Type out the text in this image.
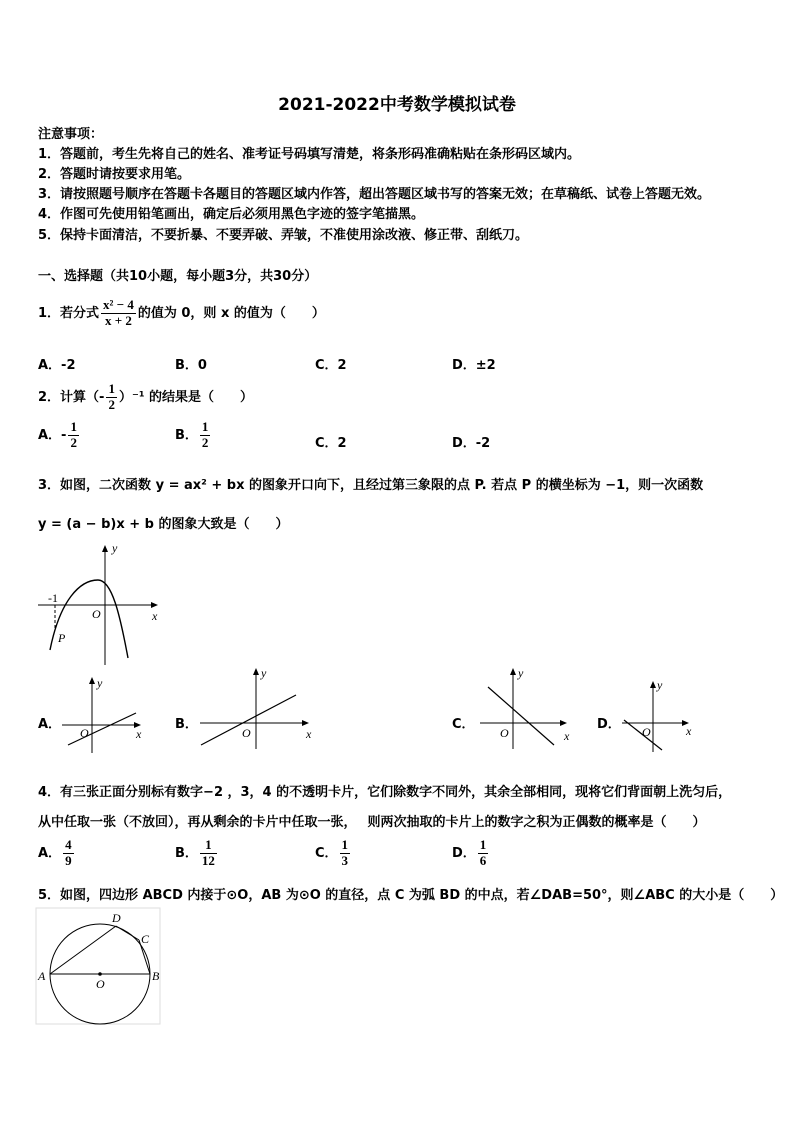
2021-2022中考数学模拟试卷
注意事项：
1．答题前，考生先将自己的姓名、准考证号码填写清楚，将条形码准确粘贴在条形码区域内。
2．答题时请按要求用笔。
3．请按照题号顺序在答题卡各题目的答题区域内作答，超出答题区域书写的答案无效；在草稿纸、试卷上答题无效。
4．作图可先使用铅笔画出，确定后必须用黑色字迹的签字笔描黑。
5．保持卡面清洁，不要折暴、不要弄破、弄皱，不准使用涂改液、修正带、刮纸刀。
一、选择题（共10小题，每小题3分，共30分）
1．若分式 $\frac{\text{x² − 4}}{x + 2}$ 的值为 0，则 x 的值为（　　）
A．-2	B．0	C．2	D．±2
2．计算（- $\frac{1}{2} )^{-1}$ 的结果是（　　）
A．- $\frac{1}{2}$	B． $\frac{1}{2}$	C．2	D．-2
3．如图，二次函数 y = ax² + bx 的图象开口向下，且经过第三象限的点 P. 若点 P 的横坐标为 −1，则一次函数
y = (a − b)x + b 的图象大致是（　　）
y
x
O
-1
P
A．
y
x
O
B．
y
x
O
C．
y
x
O
D．
y
x
O
4．有三张正面分别标有数字−2 ，3，4 的不透明卡片，它们除数字不同外，其余全部相同，现将它们背面朝上洗匀后，
从中任取一张（不放回），再从剩余的卡片中任取一张，　 则两次抽取的卡片上的数字之积为正偶数的概率是（　　）
A． $\frac{4}{9}$	B． $\frac{1}{12}$	C． $\frac{1}{3}$	D． $\frac{1}{6}$
5．如图，四边形 ABCD 内接于⊙O，AB 为⊙O 的直径，点 C 为弧 BD 的中点，若∠DAB=50°，则∠ABC 的大小是（　　）
A	B
C
D
O
